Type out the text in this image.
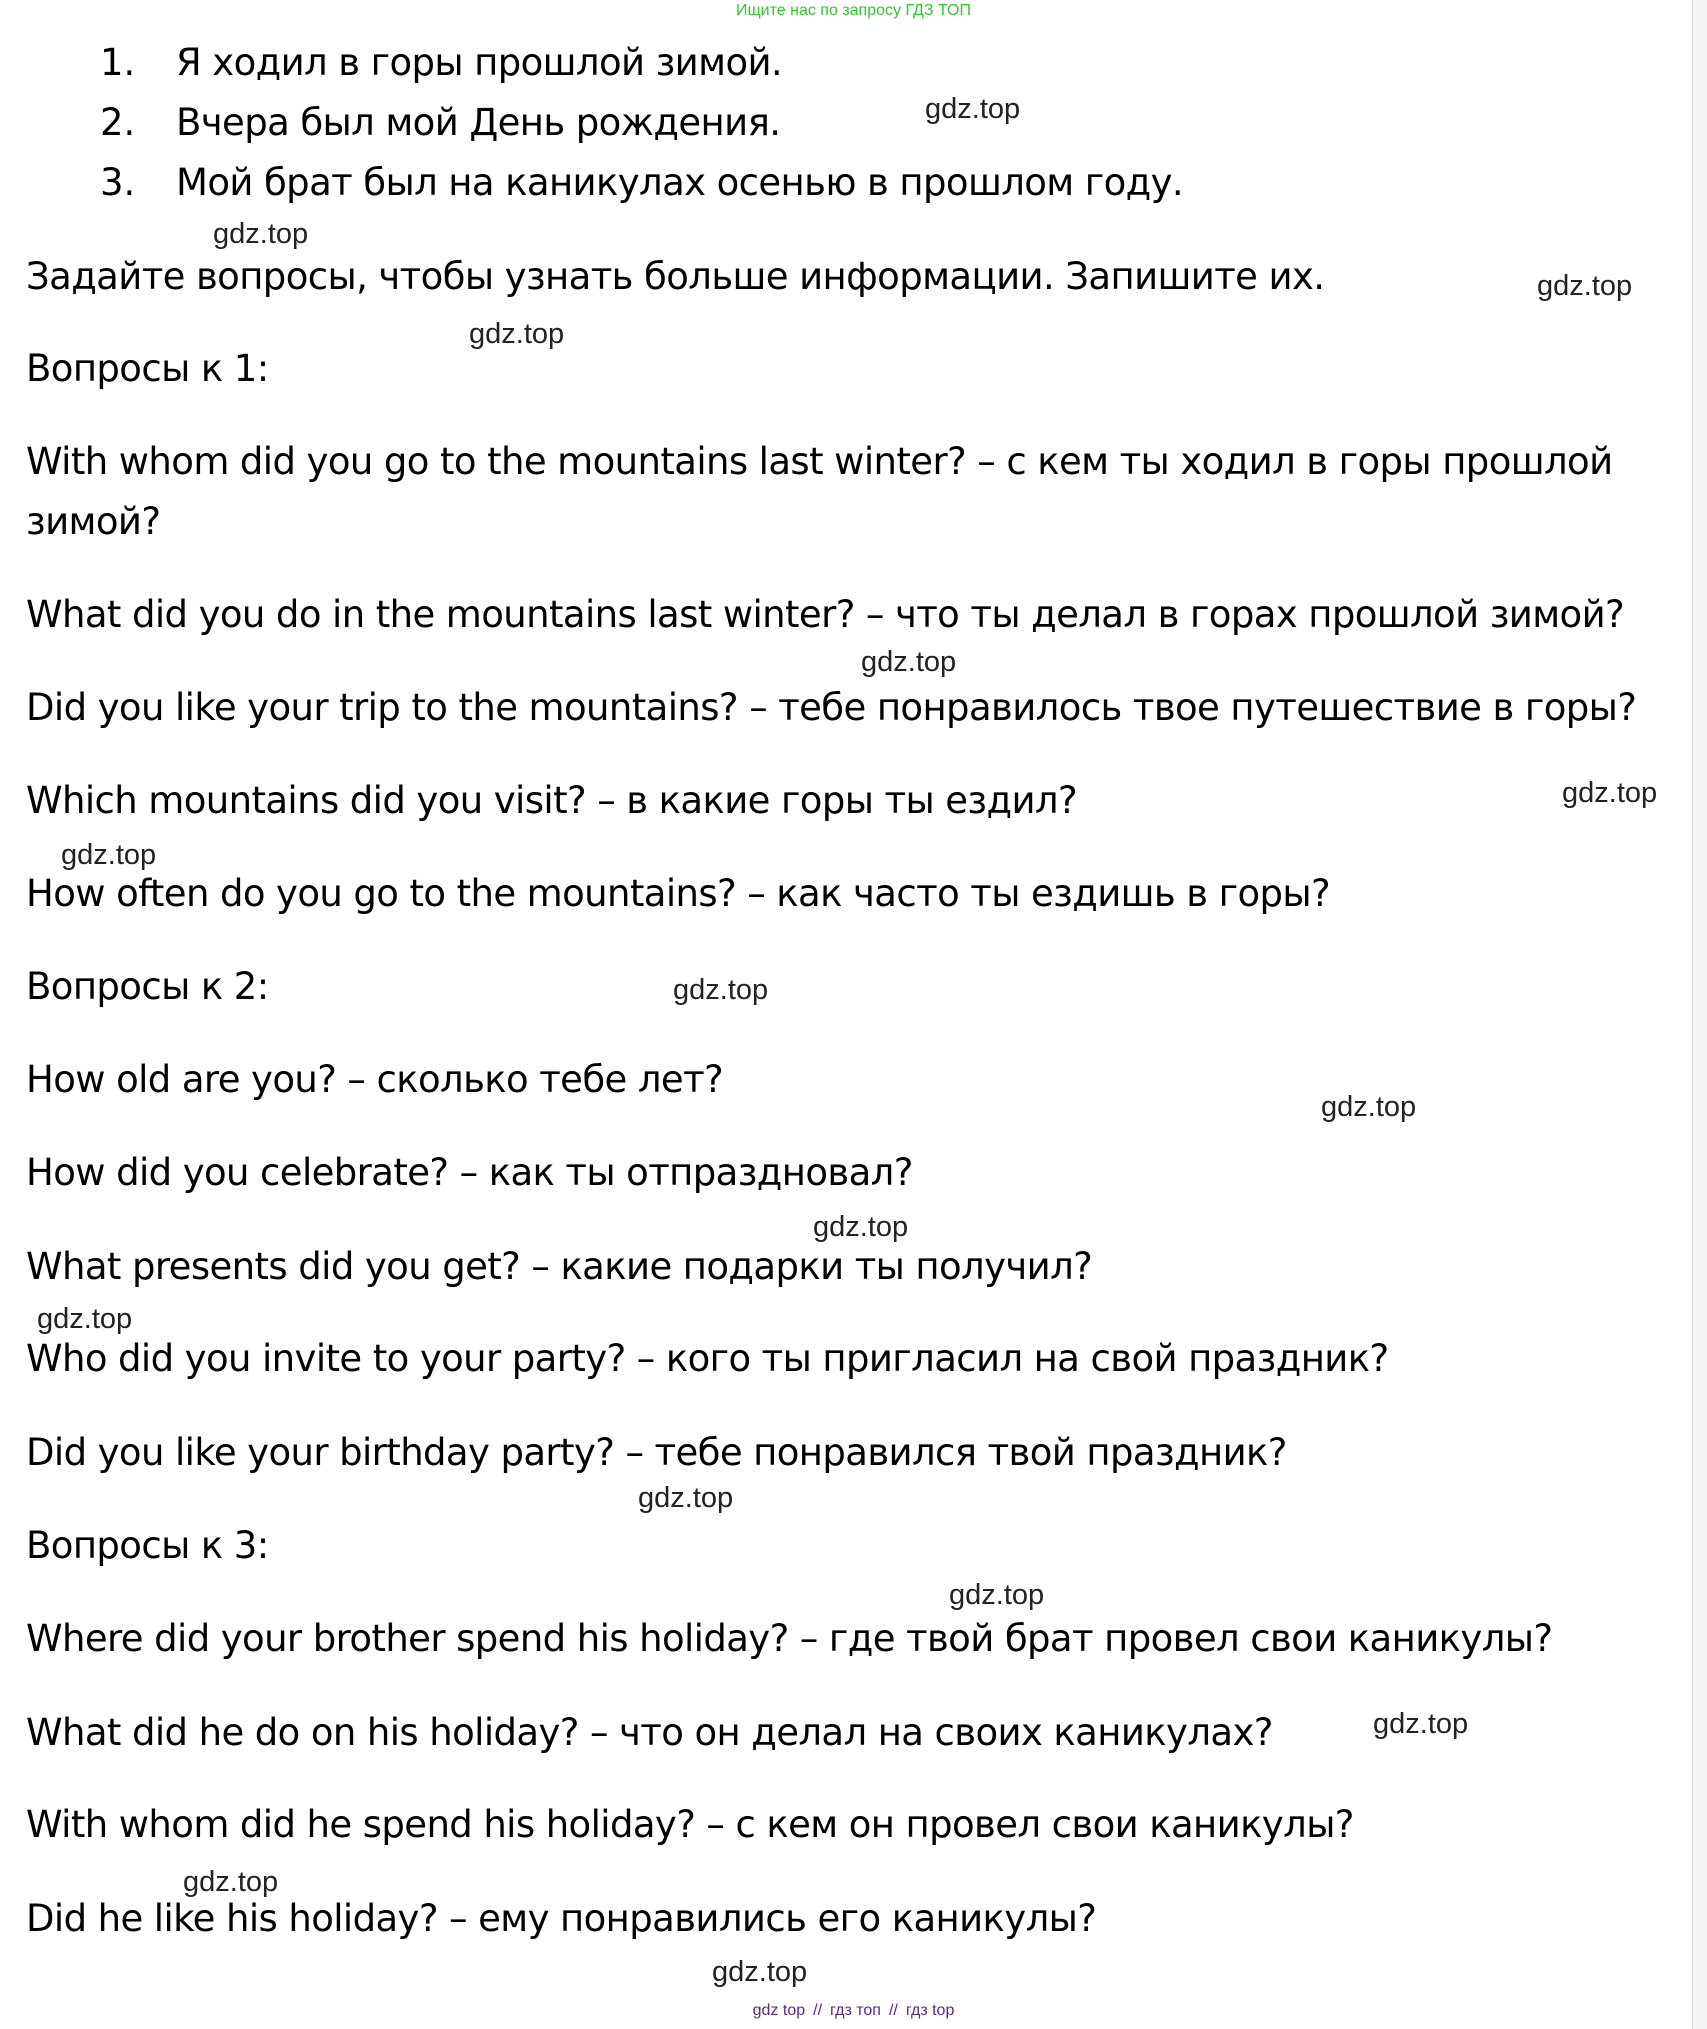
Ищите нас по запросу ГДЗ ТОП
1. Я ходил в горы прошлой зимой.
2. Вчера был мой День рождения.
3. Мой брат был на каникулах осенью в прошлом году.
Задайте вопросы, чтобы узнать больше информации. Запишите их.
Вопросы к 1:
With whom did you go to the mountains last winter? – с кем ты ходил в горы прошлой
зимой?
What did you do in the mountains last winter? – что ты делал в горах прошлой зимой?
Did you like your trip to the mountains? – тебе понравилось твое путешествие в горы?
Which mountains did you visit? – в какие горы ты ездил?
How often do you go to the mountains? – как часто ты ездишь в горы?
Вопросы к 2:
How old are you? – сколько тебе лет?
How did you celebrate? – как ты отпраздновал?
What presents did you get? – какие подарки ты получил?
Who did you invite to your party? – кого ты пригласил на свой праздник?
Did you like your birthday party? – тебе понравился твой праздник?
Вопросы к 3:
Where did your brother spend his holiday? – где твой брат провел свои каникулы?
What did he do on his holiday? – что он делал на своих каникулах?
With whom did he spend his holiday? – с кем он провел свои каникулы?
Did he like his holiday? – ему понравились его каникулы?
gdz.top
gdz.top
gdz.top
gdz.top
gdz.top
gdz.top
gdz.top
gdz.top
gdz.top
gdz.top
gdz.top
gdz.top
gdz.top
gdz.top
gdz.top
gdz.top
gdz top // гдз топ // гдз top
